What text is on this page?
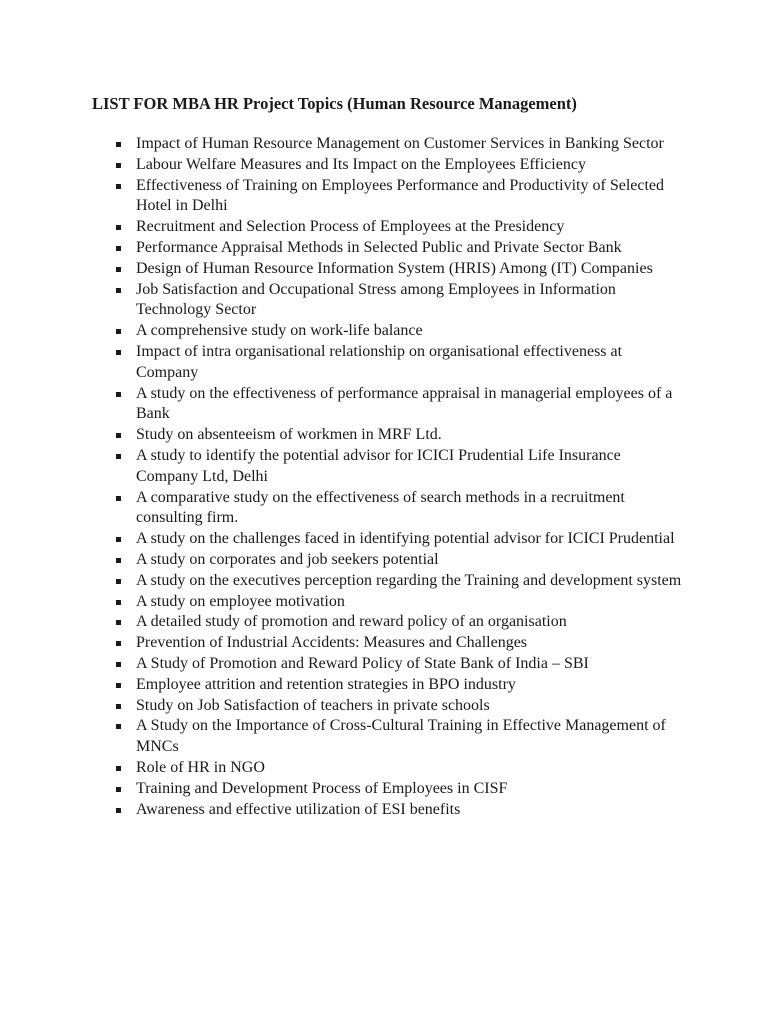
LIST FOR MBA HR Project Topics (Human Resource Management)
Impact of Human Resource Management on Customer Services in Banking Sector
Labour Welfare Measures and Its Impact on the Employees Efficiency
Effectiveness of Training on Employees Performance and Productivity of Selected Hotel in Delhi
Recruitment and Selection Process of Employees at the Presidency
Performance Appraisal Methods in Selected Public and Private Sector Bank
Design of Human Resource Information System (HRIS) Among (IT) Companies
Job Satisfaction and Occupational Stress among Employees in Information Technology Sector
A comprehensive study on work-life balance
Impact of intra organisational relationship on organisational effectiveness at Company
A study on the effectiveness of performance appraisal in managerial employees of a Bank
Study on absenteeism of workmen in MRF Ltd.
A study to identify the potential advisor for ICICI Prudential Life Insurance Company Ltd, Delhi
A comparative study on the effectiveness of search methods in a recruitment consulting firm.
A study on the challenges faced in identifying potential advisor for ICICI Prudential
A study on corporates and job seekers potential
A study on the executives perception regarding the Training and development system
A study on employee motivation
A detailed study of promotion and reward policy of an organisation
Prevention of Industrial Accidents: Measures and Challenges
A Study of Promotion and Reward Policy of State Bank of India – SBI
Employee attrition and retention strategies in BPO industry
Study on Job Satisfaction of teachers in private schools
A Study on the Importance of Cross-Cultural Training in Effective Management of MNCs
Role of HR in NGO
Training and Development Process of Employees in CISF
Awareness and effective utilization of ESI benefits
